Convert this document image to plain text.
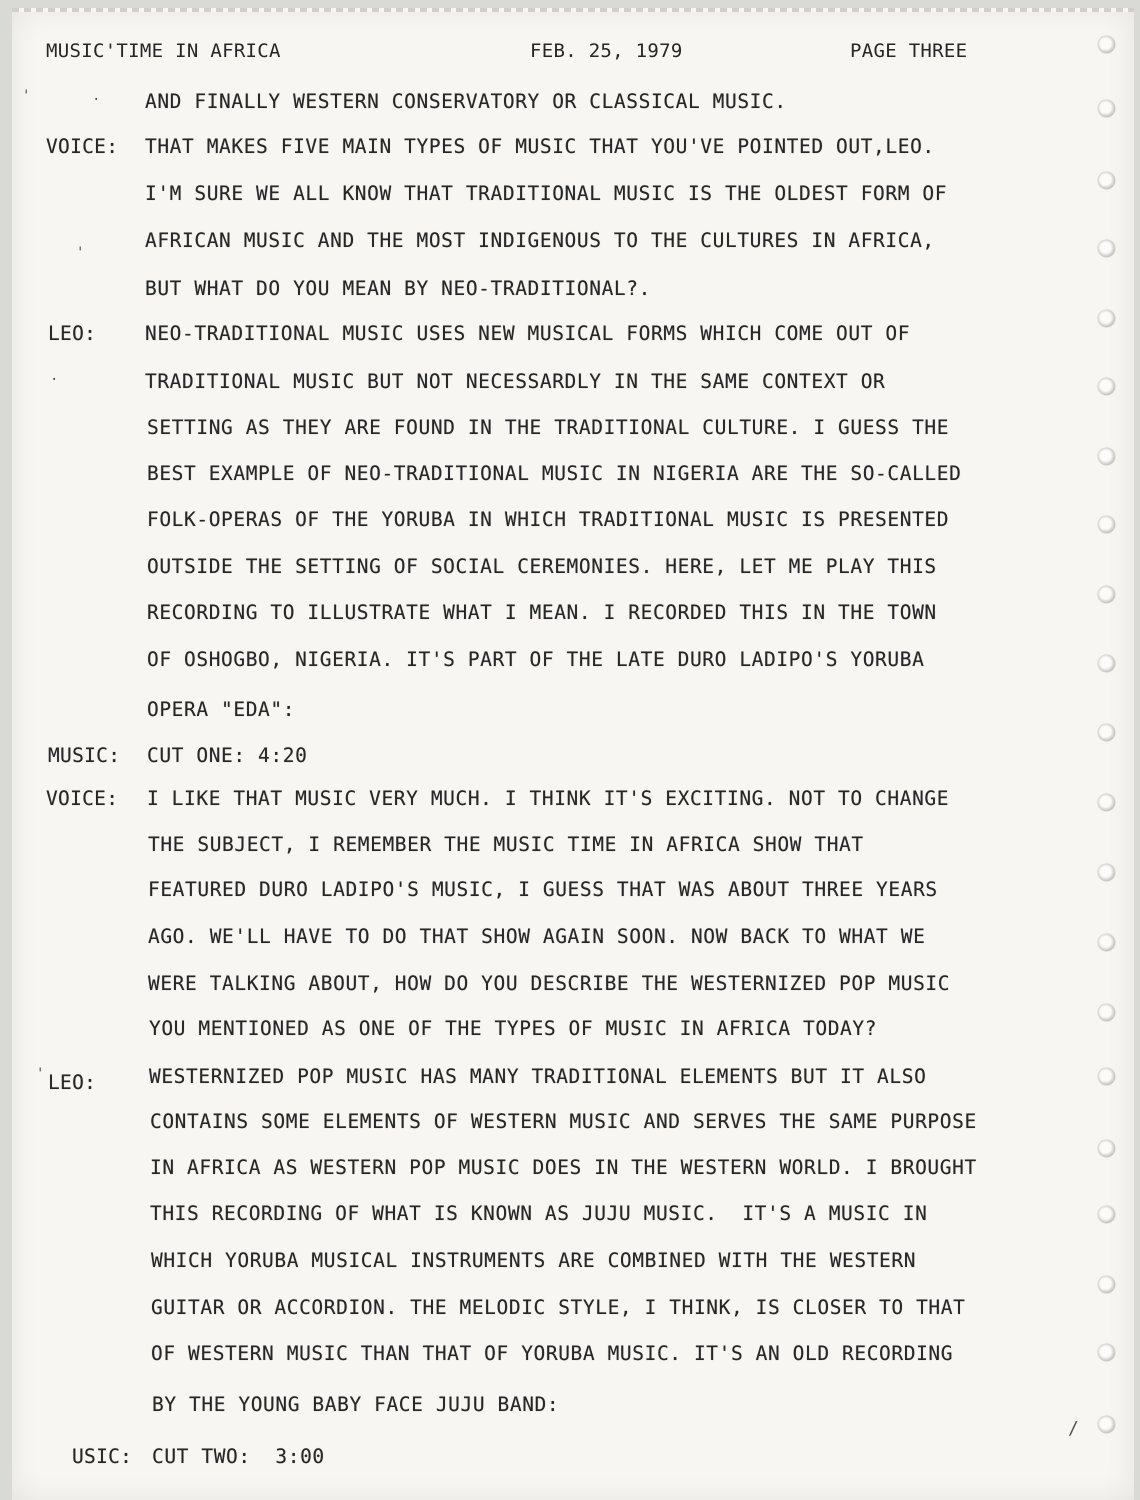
MUSIC'TIME IN AFRICA	FEB. 25, 1979	PAGE THREE
AND FINALLY WESTERN CONSERVATORY OR CLASSICAL MUSIC.
VOICE: THAT MAKES FIVE MAIN TYPES OF MUSIC THAT YOU'VE POINTED OUT,LEO.
I'M SURE WE ALL KNOW THAT TRADITIONAL MUSIC IS THE OLDEST FORM OF
AFRICAN MUSIC AND THE MOST INDIGENOUS TO THE CULTURES IN AFRICA,
BUT WHAT DO YOU MEAN BY NEO-TRADITIONAL?.
LEO:	NEO-TRADITIONAL MUSIC USES NEW MUSICAL FORMS WHICH COME OUT OF
TRADITIONAL MUSIC BUT NOT NECESSARDLY IN THE SAME CONTEXT OR
SETTING AS THEY ARE FOUND IN THE TRADITIONAL CULTURE. I GUESS THE
BEST EXAMPLE OF NEO-TRADITIONAL MUSIC IN NIGERIA ARE THE SO-CALLED
FOLK-OPERAS OF THE YORUBA IN WHICH TRADITIONAL MUSIC IS PRESENTED
OUTSIDE THE SETTING OF SOCIAL CEREMONIES. HERE, LET ME PLAY THIS
RECORDING TO ILLUSTRATE WHAT I MEAN. I RECORDED THIS IN THE TOWN
OF OSHOGBO, NIGERIA. IT'S PART OF THE LATE DURO LADIPO'S YORUBA
OPERA "EDA":
MUSIC: CUT ONE: 4:20
VOICE: I LIKE THAT MUSIC VERY MUCH. I THINK IT'S EXCITING. NOT TO CHANGE
THE SUBJECT, I REMEMBER THE MUSIC TIME IN AFRICA SHOW THAT
FEATURED DURO LADIPO'S MUSIC, I GUESS THAT WAS ABOUT THREE YEARS
AGO. WE'LL HAVE TO DO THAT SHOW AGAIN SOON. NOW BACK TO WHAT WE
WERE TALKING ABOUT, HOW DO YOU DESCRIBE THE WESTERNIZED POP MUSIC
YOU MENTIONED AS ONE OF THE TYPES OF MUSIC IN AFRICA TODAY?
LEO:	WESTERNIZED POP MUSIC HAS MANY TRADITIONAL ELEMENTS BUT IT ALSO
CONTAINS SOME ELEMENTS OF WESTERN MUSIC AND SERVES THE SAME PURPOSE
IN AFRICA AS WESTERN POP MUSIC DOES IN THE WESTERN WORLD. I BROUGHT
THIS RECORDING OF WHAT IS KNOWN AS JUJU MUSIC.  IT'S A MUSIC IN
WHICH YORUBA MUSICAL INSTRUMENTS ARE COMBINED WITH THE WESTERN
GUITAR OR ACCORDION. THE MELODIC STYLE, I THINK, IS CLOSER TO THAT
OF WESTERN MUSIC THAN THAT OF YORUBA MUSIC. IT'S AN OLD RECORDING
BY THE YOUNG BABY FACE JUJU BAND:
USIC: CUT TWO:  3:00
'	·
'
·
'
/
